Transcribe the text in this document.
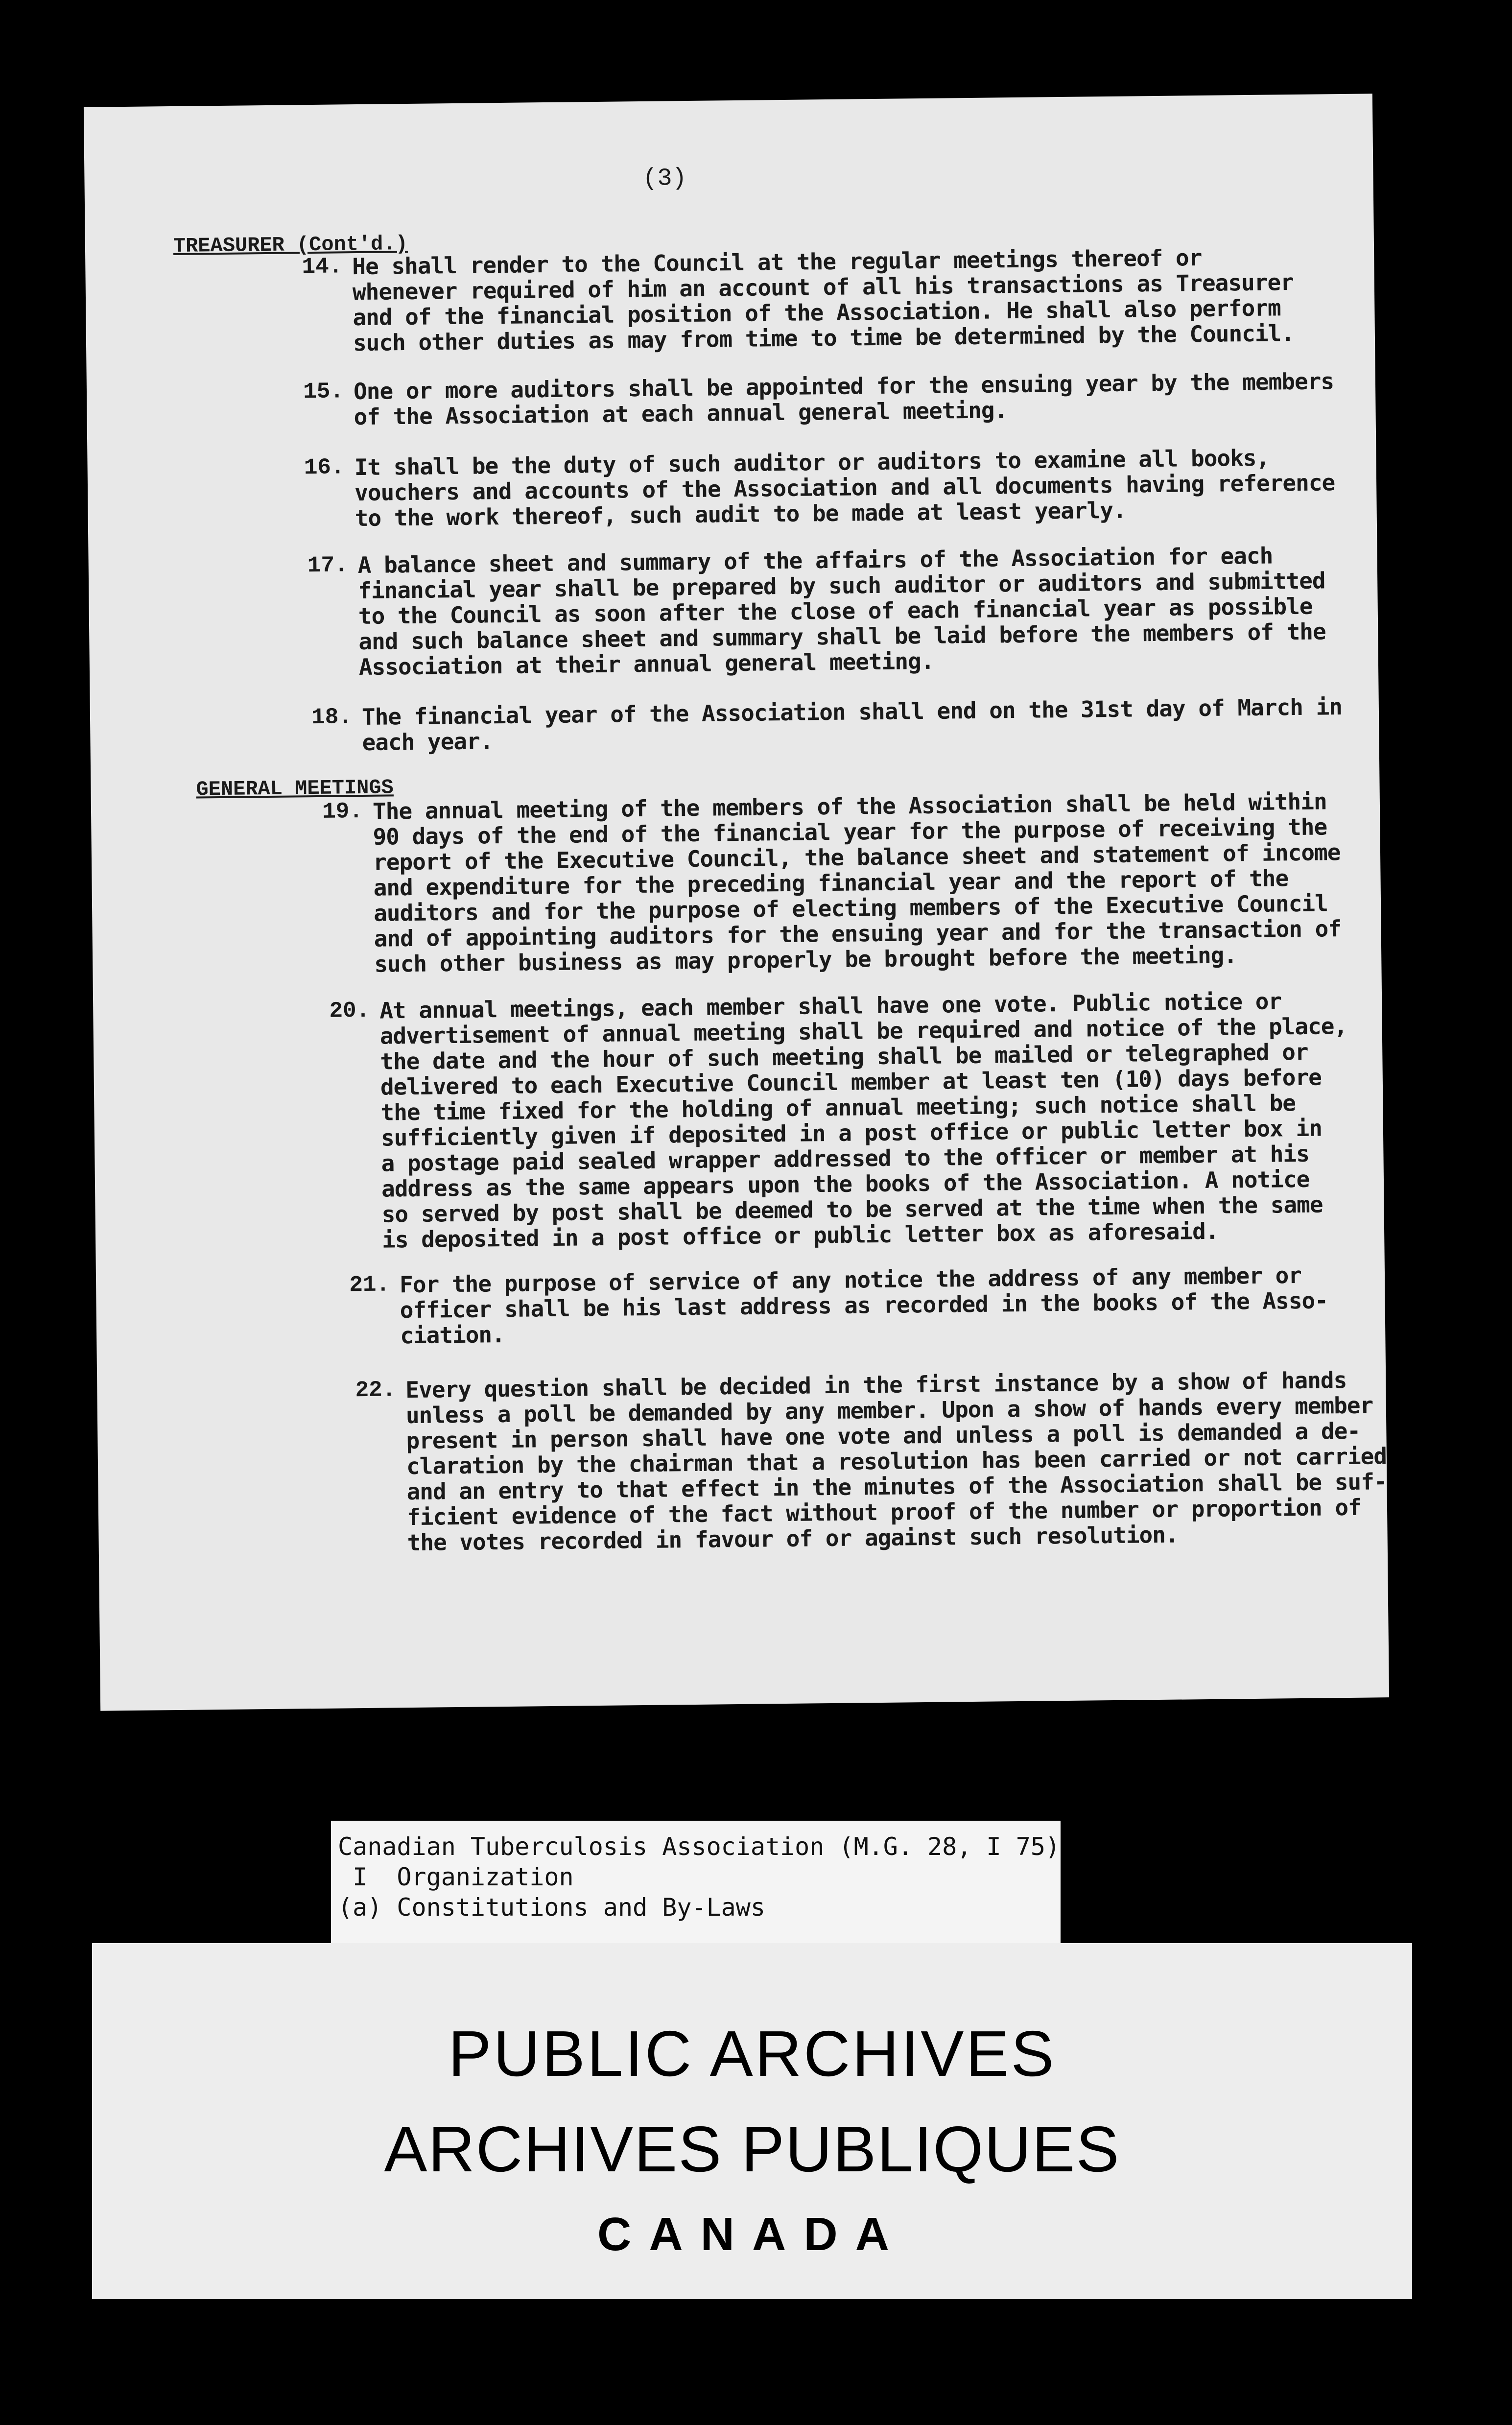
(3)
TREASURER (Cont'd.)
14. He shall render to the Council at the regular meetings thereof or
whenever required of him an account of all his transactions as Treasurer
and of the financial position of the Association. He shall also perform
such other duties as may from time to time be determined by the Council.
15. One or more auditors shall be appointed for the ensuing year by the members
of the Association at each annual general meeting.
16. It shall be the duty of such auditor or auditors to examine all books,
vouchers and accounts of the Association and all documents having reference
to the work thereof, such audit to be made at least yearly.
17. A balance sheet and summary of the affairs of the Association for each
financial year shall be prepared by such auditor or auditors and submitted
to the Council as soon after the close of each financial year as possible
and such balance sheet and summary shall be laid before the members of the
Association at their annual general meeting.
18. The financial year of the Association shall end on the 31st day of March in
each year.
GENERAL MEETINGS
19. The annual meeting of the members of the Association shall be held within
90 days of the end of the financial year for the purpose of receiving the
report of the Executive Council, the balance sheet and statement of income
and expenditure for the preceding financial year and the report of the
auditors and for the purpose of electing members of the Executive Council
and of appointing auditors for the ensuing year and for the transaction of
such other business as may properly be brought before the meeting.
20. At annual meetings, each member shall have one vote. Public notice or
advertisement of annual meeting shall be required and notice of the place,
the date and the hour of such meeting shall be mailed or telegraphed or
delivered to each Executive Council member at least ten (10) days before
the time fixed for the holding of annual meeting; such notice shall be
sufficiently given if deposited in a post office or public letter box in
a postage paid sealed wrapper addressed to the officer or member at his
address as the same appears upon the books of the Association. A notice
so served by post shall be deemed to be served at the time when the same
is deposited in a post office or public letter box as aforesaid.
21. For the purpose of service of any notice the address of any member or
officer shall be his last address as recorded in the books of the Asso-
ciation.
22. Every question shall be decided in the first instance by a show of hands
unless a poll be demanded by any member. Upon a show of hands every member
present in person shall have one vote and unless a poll is demanded a de-
claration by the chairman that a resolution has been carried or not carried
and an entry to that effect in the minutes of the Association shall be suf-
ficient evidence of the fact without proof of the number or proportion of
the votes recorded in favour of or against such resolution.
Canadian Tuberculosis Association (M.G. 28, I 75)
I  Organization
(a) Constitutions and By-Laws
PUBLIC ARCHIVES
ARCHIVES PUBLIQUES
CANADA
